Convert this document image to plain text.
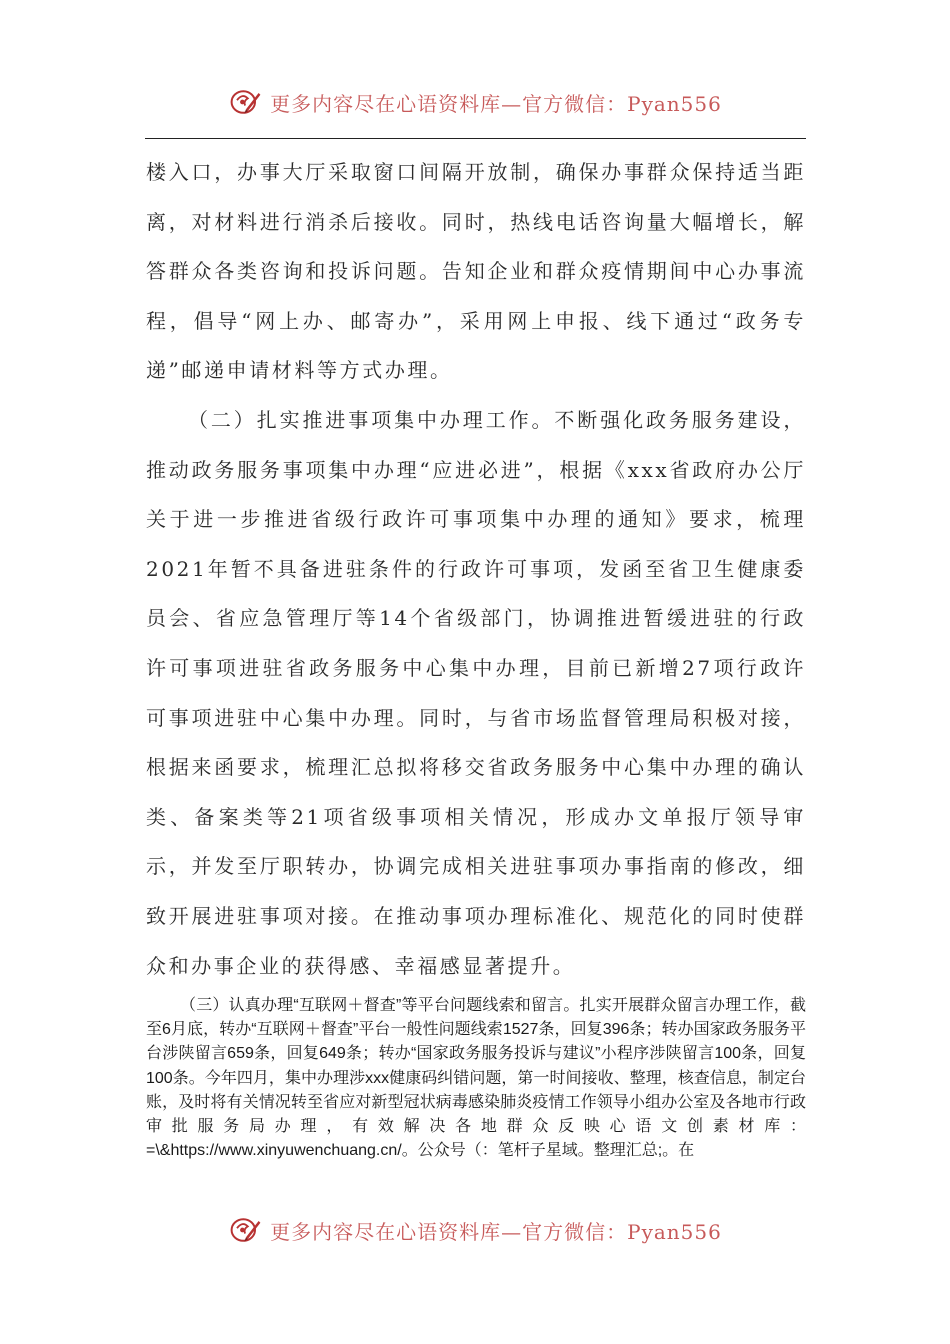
更多内容尽在心语资料库—官方微信：Pyan556

楼入口，办事大厅采取窗口间隔开放制，确保办事群众保持适当距离，对材料进行消杀后接收。同时，热线电话咨询量大幅增长，解答群众各类咨询和投诉问题。告知企业和群众疫情期间中心办事流程，倡导“网上办、邮寄办”，采用网上申报、线下通过“政务专递”邮递申请材料等方式办理。

（二）扎实推进事项集中办理工作。不断强化政务服务建设，推动政务服务事项集中办理“应进必进”，根据《xxx省政府办公厅关于进一步推进省级行政许可事项集中办理的通知》要求，梳理2021年暂不具备进驻条件的行政许可事项，发函至省卫生健康委员会、省应急管理厅等14个省级部门，协调推进暂缓进驻的行政许可事项进驻省政务服务中心集中办理，目前已新增27项行政许可事项进驻中心集中办理。同时，与省市场监督管理局积极对接，根据来函要求，梳理汇总拟将移交省政务服务中心集中办理的确认类、备案类等21项省级事项相关情况，形成办文单报厅领导审示，并发至厅职转办，协调完成相关进驻事项办事指南的修改，细致开展进驻事项对接。在推动事项办理标准化、规范化的同时使群众和办事企业的获得感、幸福感显著提升。

（三）认真办理“互联网＋督查”等平台问题线索和留言。扎实开展群众留言办理工作，截至6月底，转办“互联网＋督查”平台一般性问题线索1527条，回复396条；转办国家政务服务平台涉陕留言659条，回复649条；转办“国家政务服务投诉与建议”小程序涉陕留言100条，回复100条。今年四月，集中办理涉xxx健康码纠错问题，第一时间接收、整理，核查信息，制定台账，及时将有关情况转至省应对新型冠状病毒感染肺炎疫情工作领导小组办公室及各地市行政审批服务局办理，有效解决各地群众反映心语文创素材库：=\&https://www.xinyuwenchuang.cn/。公众号（：笔杆子星域。整理汇总;。在

更多内容尽在心语资料库—官方微信：Pyan556
